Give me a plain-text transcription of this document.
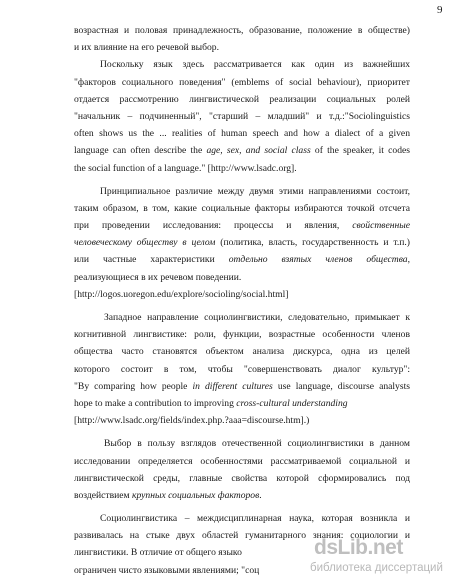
9
возрастная и половая принадлежность, образование, положение в обществе)
и их влияние на его речевой выбор.
Поскольку язык здесь рассматривается как один из важнейших
"факторов социального поведения" (emblems of social behaviour), приоритет
отдается рассмотрению лингвистической реализации социальных ролей
"начальник – подчиненный", "старший – младший" и т.д.:"Sociolinguistics
often shows us the ... realities of human speech and how a dialect of a given
language can often describe the age, sex, and social class of the speaker, it codes
the social function of a language." [http://www.lsadc.org].
Принципиальное различие между двумя этими направлениями состоит,
таким образом, в том, какие социальные факторы избираются точкой отсчета
при проведении исследования: процессы и явления, свойственные
человеческому обществу в целом (политика, власть, государственность и т.п.)
или частные характеристики отдельно взятых членов общества,
реализующиеся в их речевом поведении.
[http://logos.uoregon.edu/explore/socioling/social.html]
Западное направление социолингвистики, следовательно, примыкает к
когнитивной лингвистике: роли, функции, возрастные особенности членов
общества часто становятся объектом анализа дискурса, одна из целей
которого состоит в том, чтобы "совершенствовать диалог культур":
"By comparing how people in different cultures use language, discourse analysts
hope to make a contribution to improving cross-cultural understanding
[http://www.lsadc.org/fields/index.php.?aaa=discourse.htm].)
Выбор в пользу взглядов отечественной социолингвистики в данном
исследовании определяется особенностями рассматриваемой социальной и
лингвистической среды, главные свойства которой сформировались под
воздействием крупных социальных факторов.
Социолингвистика – междисциплинарная наука, которая возникла и
развивалась на стыке двух областей гуманитарного знания: социологии и
лингвистики. В отличие от общего языко
ограничен чисто языковыми явлениями; "соц
dsLib.net
библиотека диссертаций
